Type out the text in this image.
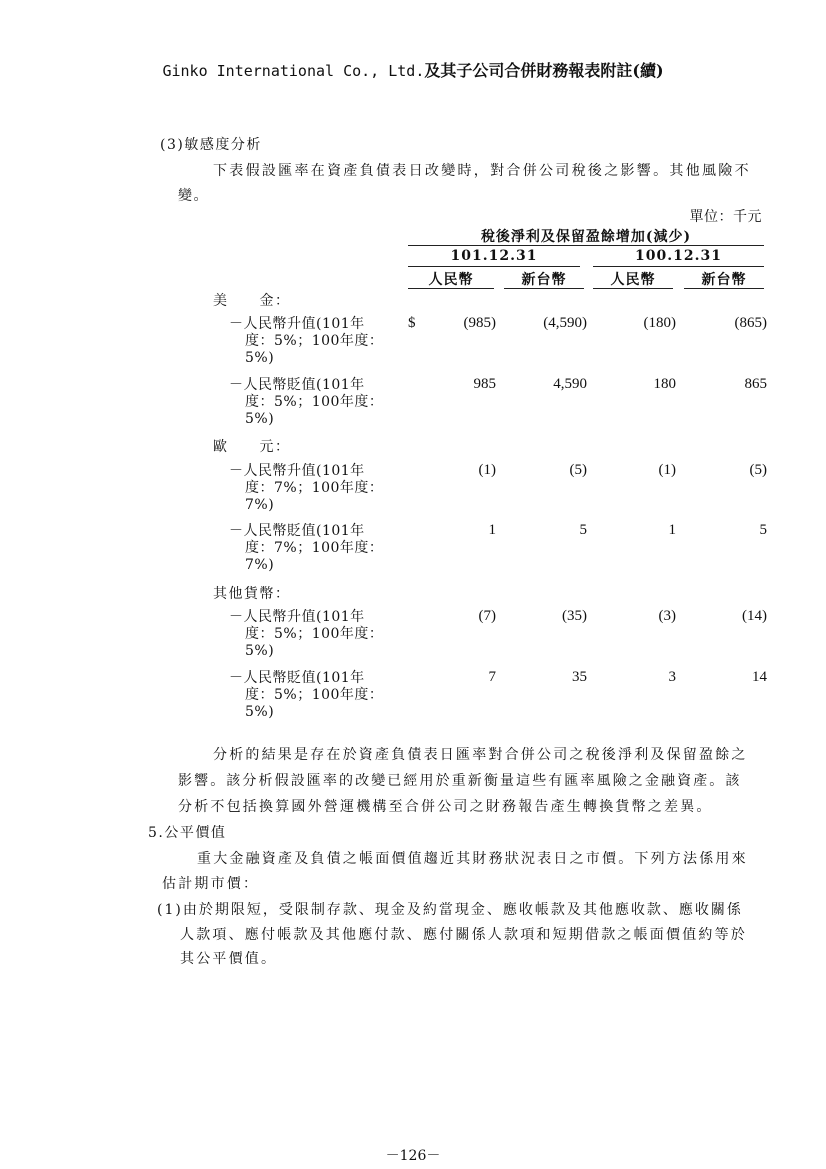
Ginko International Co., Ltd.及其子公司合併財務報表附註(續)
(3)敏感度分析
下表假設匯率在資產負債表日改變時，對合併公司稅後之影響。其他風險不
變。
單位：千元
稅後淨利及保留盈餘增加(減少)
101.12.31	100.12.31
人民幣	新台幣	人民幣	新台幣
美　　金：
－人民幣升值(101年
度：5%；100年度：
5%)
$	(985)	(4,590)	(180)	(865)
－人民幣貶值(101年
度：5%；100年度：
5%)
985	4,590	180	865
歐　　元：
－人民幣升值(101年
度：7%；100年度：
7%)
(1)	(5)	(1)	(5)
－人民幣貶值(101年
度：7%；100年度：
7%)
1	5	1	5
其他貨幣：
－人民幣升值(101年
度：5%；100年度：
5%)
(7)	(35)	(3)	(14)
－人民幣貶值(101年
度：5%；100年度：
5%)
7	35	3	14
分析的結果是存在於資產負債表日匯率對合併公司之稅後淨利及保留盈餘之
影響。該分析假設匯率的改變已經用於重新衡量這些有匯率風險之金融資產。該
分析不包括換算國外營運機構至合併公司之財務報告產生轉換貨幣之差異。
5.公平價值
重大金融資產及負債之帳面價值趨近其財務狀況表日之市價。下列方法係用來
估計期市價：
(1)由於期限短，受限制存款、現金及約當現金、應收帳款及其他應收款、應收關係
人款項、應付帳款及其他應付款、應付關係人款項和短期借款之帳面價值約等於
其公平價值。
－126－
